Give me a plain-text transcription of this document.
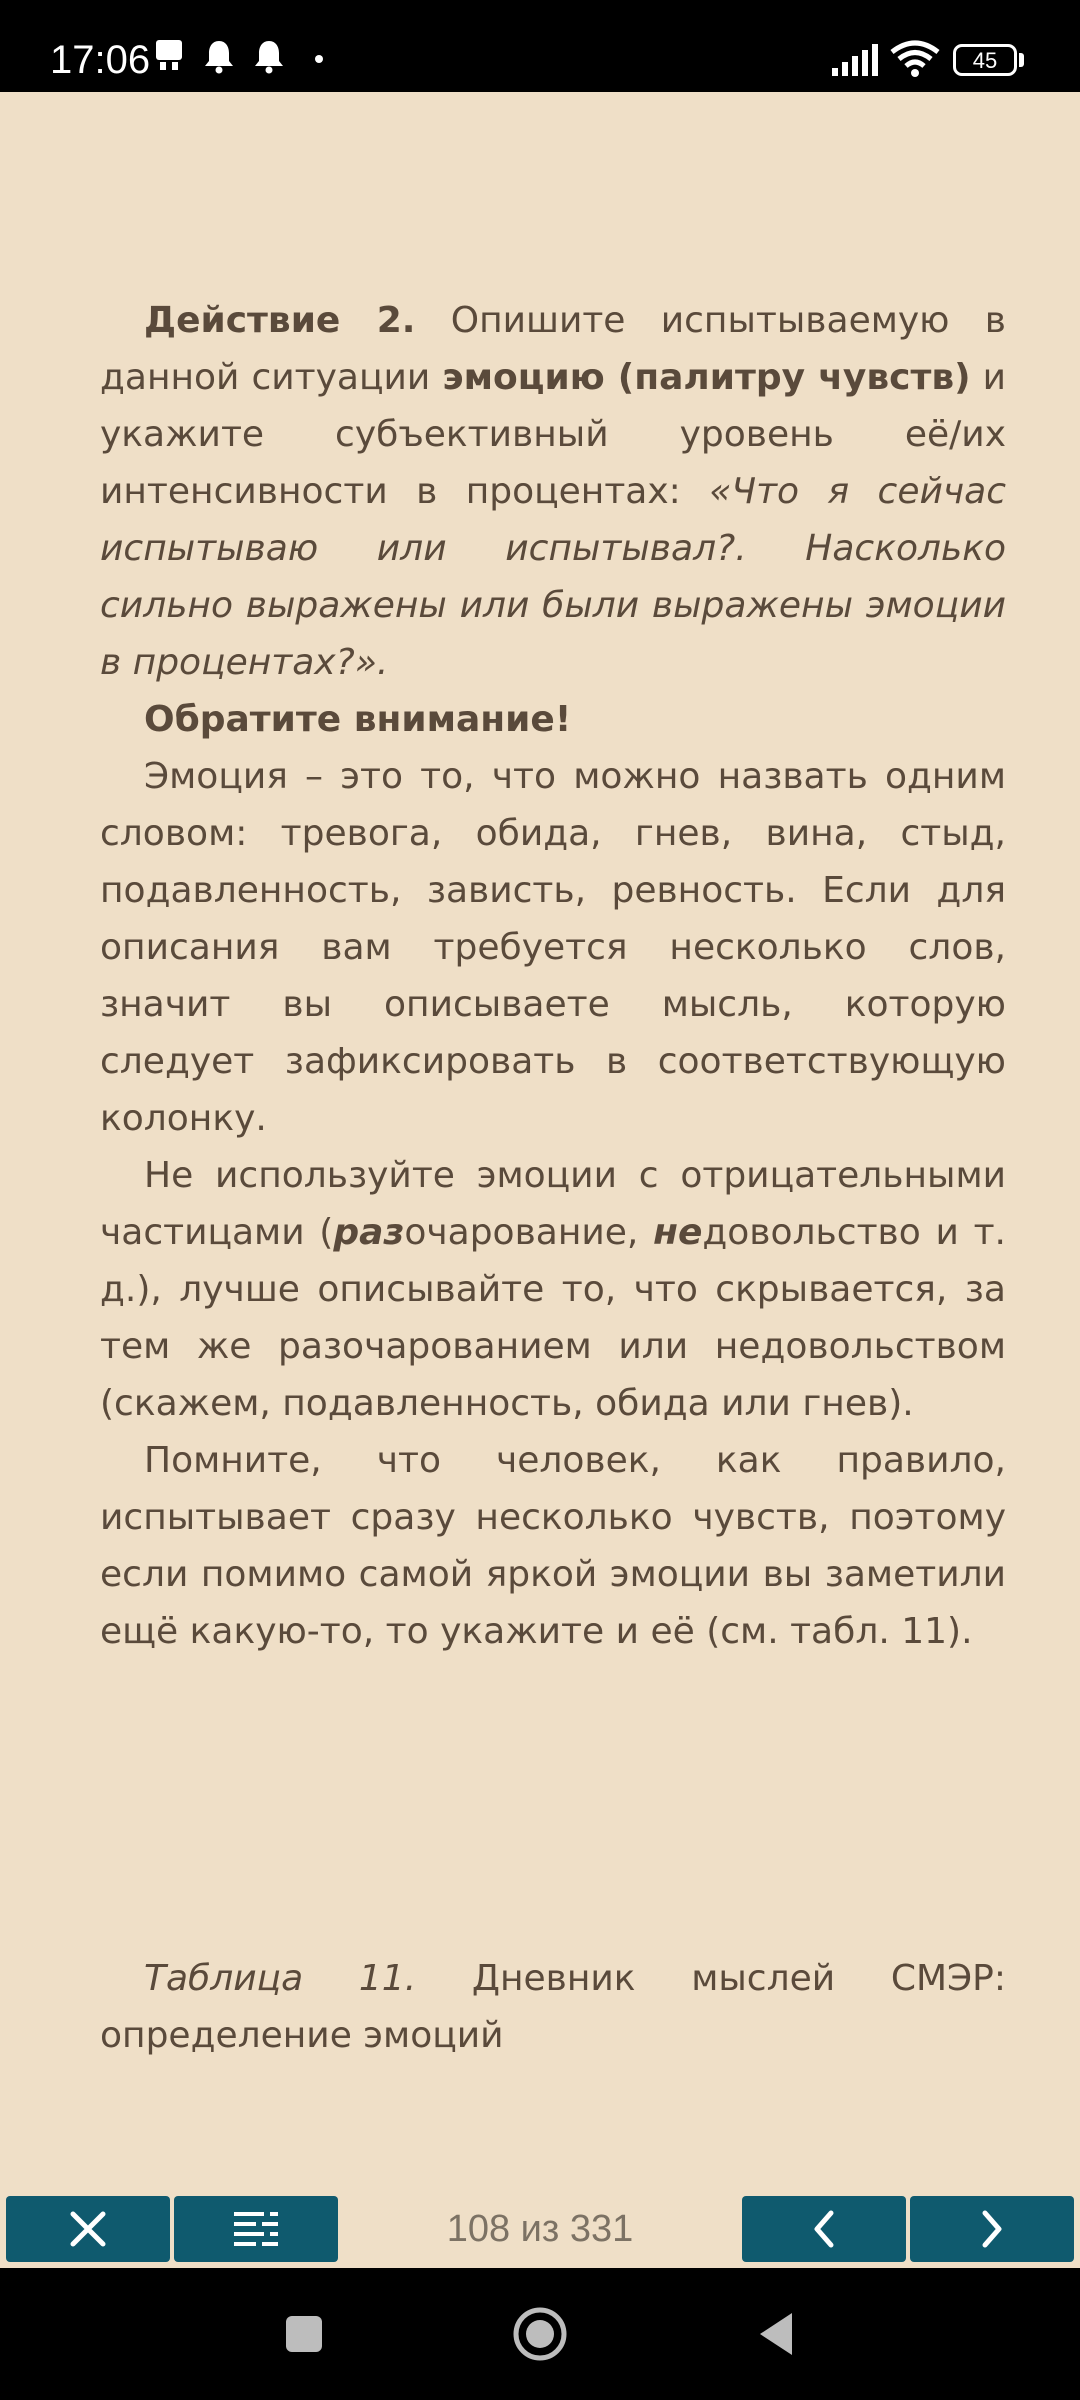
17:06	45

Действие 2. Опишите испытываемую в данной ситуации эмоцию (палитру чувств) и укажите субъективный уровень её/их интенсивности в процентах: «Что я сейчас испытываю или испытывал?. Насколько сильно выражены или были выражены эмоции в процентах?».

Обратите внимание!

Эмоция – это то, что можно назвать одним словом: тревога, обида, гнев, вина, стыд, подавленность, зависть, ревность. Если для описания вам требуется несколько слов, значит вы описываете мысль, которую следует зафиксировать в соответствующую колонку.

Не используйте эмоции с отрицательными частицами (разочарование, недовольство и т. д.), лучше описывайте то, что скрывается, за тем же разочарованием или недовольством (скажем, подавленность, обида или гнев).

Помните, что человек, как правило, испытывает сразу несколько чувств, поэтому если помимо самой яркой эмоции вы заметили ещё какую-то, то укажите и её (см. табл. 11).

Таблица 11. Дневник мыслей СМЭР: определение эмоций

108 из 331
